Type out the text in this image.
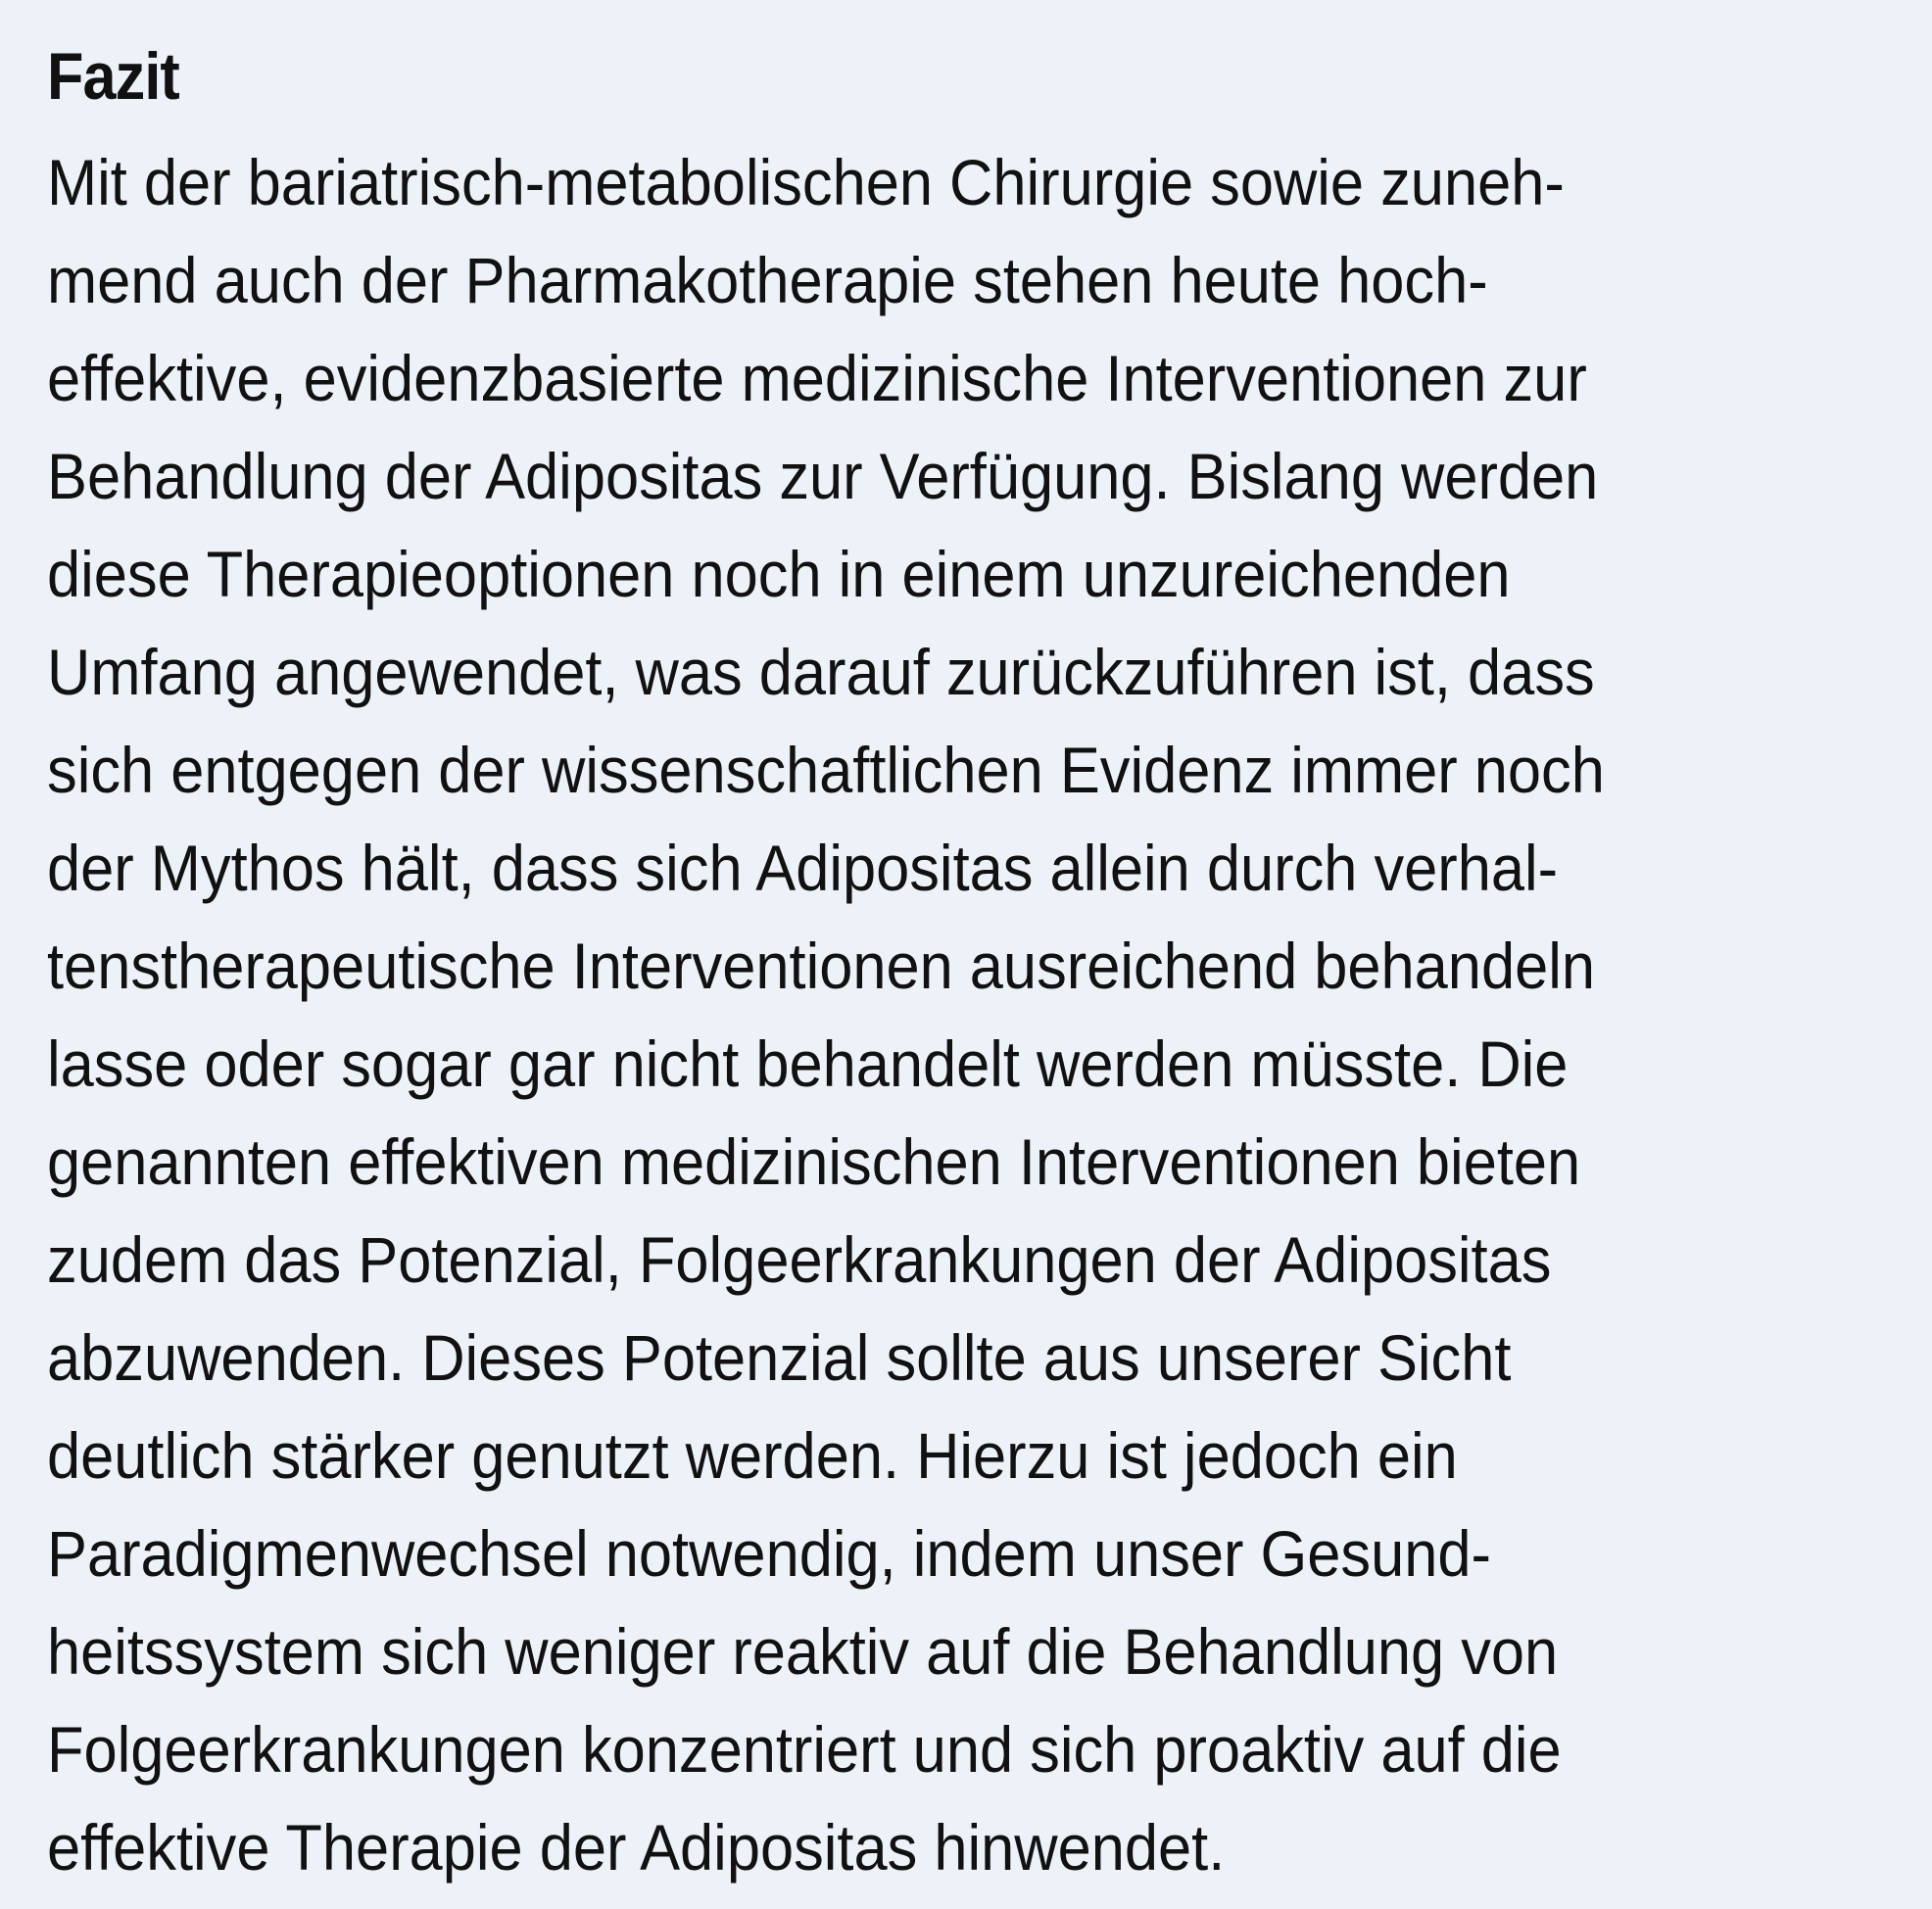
Fazit
Mit der bariatrisch-metabolischen Chirurgie sowie zuneh-
mend auch der Pharmakotherapie stehen heute hoch-
effektive, evidenzbasierte medizinische Interventionen zur
Behandlung der Adipositas zur Verfügung. Bislang werden
diese Therapieoptionen noch in einem unzureichenden
Umfang angewendet, was darauf zurückzuführen ist, dass
sich entgegen der wissenschaftlichen Evidenz immer noch
der Mythos hält, dass sich Adipositas allein durch verhal-
tenstherapeutische Interventionen ausreichend behandeln
lasse oder sogar gar nicht behandelt werden müsste. Die
genannten effektiven medizinischen Interventionen bieten
zudem das Potenzial, Folgeerkrankungen der Adipositas
abzuwenden. Dieses Potenzial sollte aus unserer Sicht
deutlich stärker genutzt werden. Hierzu ist jedoch ein
Paradigmenwechsel notwendig, indem unser Gesund-
heitssystem sich weniger reaktiv auf die Behandlung von
Folgeerkrankungen konzentriert und sich proaktiv auf die
effektive Therapie der Adipositas hinwendet.
